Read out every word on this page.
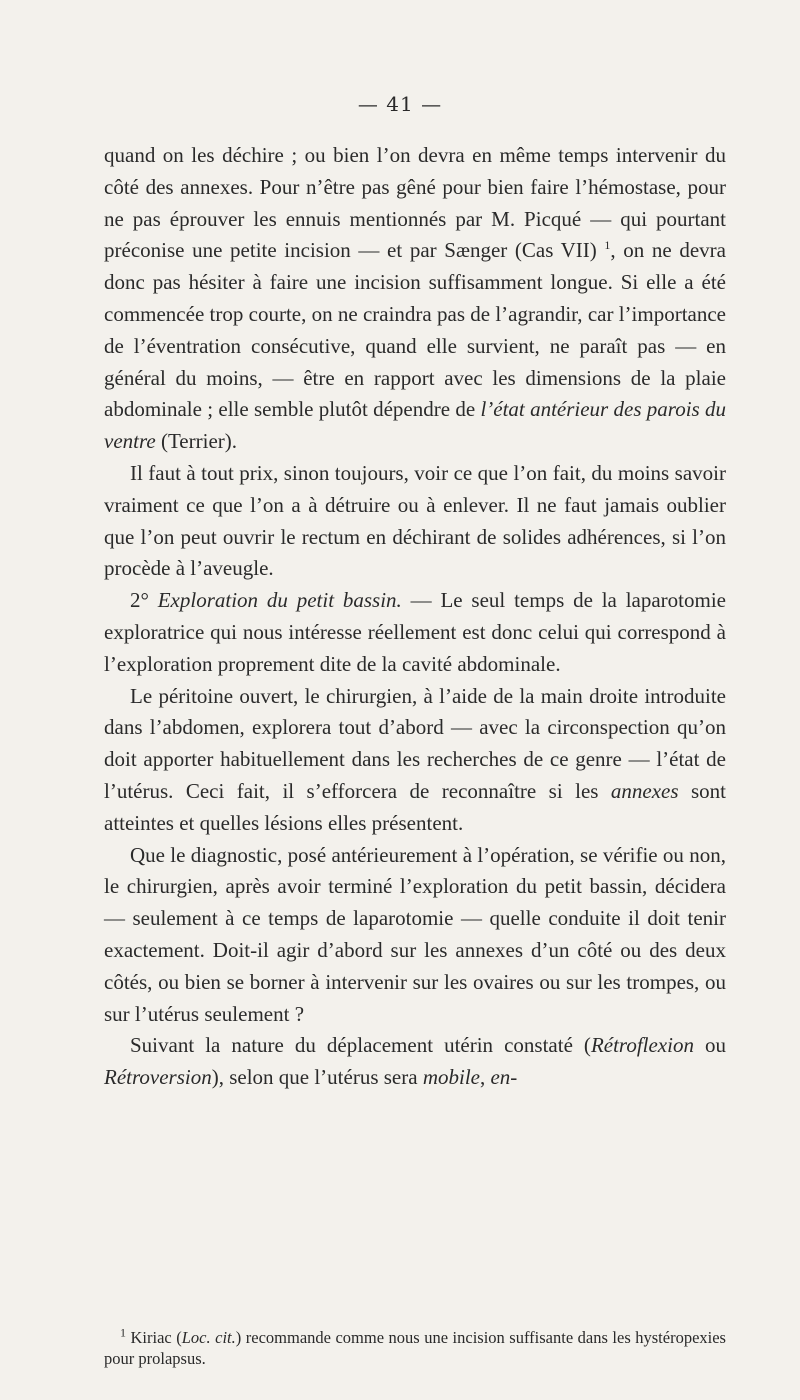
— 41 —

quand on les déchire ; ou bien l’on devra en même temps intervenir du côté des annexes. Pour n’être pas gêné pour bien faire l’hémostase, pour ne pas éprouver les ennuis mentionnés par M. Picqué — qui pourtant préconise une petite incision — et par Sænger (Cas VII) $^1$, on ne devra donc pas hésiter à faire une incision suffisamment longue. Si elle a été commencée trop courte, on ne craindra pas de l’agrandir, car l’importance de l’éventration consécutive, quand elle survient, ne paraît pas — en général du moins, — être en rapport avec les dimensions de la plaie abdominale ; elle semble plutôt dépendre de l’état antérieur des parois du ventre (Terrier).

Il faut à tout prix, sinon toujours, voir ce que l’on fait, du moins savoir vraiment ce que l’on a à détruire ou à enlever. Il ne faut jamais oublier que l’on peut ouvrir le rectum en déchirant de solides adhérences, si l’on procède à l’aveugle.

2° Exploration du petit bassin. — Le seul temps de la laparotomie exploratrice qui nous intéresse réellement est donc celui qui correspond à l’exploration proprement dite de la cavité abdominale.

Le péritoine ouvert, le chirurgien, à l’aide de la main droite introduite dans l’abdomen, explorera tout d’abord — avec la circonspection qu’on doit apporter habituellement dans les recherches de ce genre — l’état de l’utérus. Ceci fait, il s’efforcera de reconnaître si les annexes sont atteintes et quelles lésions elles présentent.

Que le diagnostic, posé antérieurement à l’opération, se vérifie ou non, le chirurgien, après avoir terminé l’exploration du petit bassin, décidera — seulement à ce temps de laparotomie — quelle conduite il doit tenir exactement. Doit-il agir d’abord sur les annexes d’un côté ou des deux côtés, ou bien se borner à intervenir sur les ovaires ou sur les trompes, ou sur l’utérus seulement ?

Suivant la nature du déplacement utérin constaté (Rétroflexion ou Rétroversion), selon que l’utérus sera mobile, en-

$^1$ Kiriac (Loc. cit.) recommande comme nous une incision suffisante dans les hystéropexies pour prolapsus.
